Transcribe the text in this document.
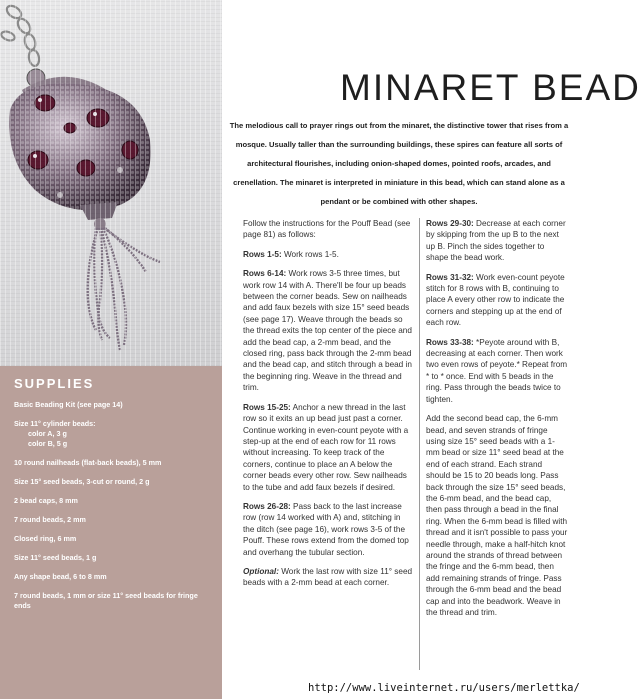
SUPPLIES
Basic Beading Kit (see page 14)
Size 11° cylinder beads:
color A, 3 g
color B, 5 g
10 round nailheads (flat-back beads), 5 mm
Size 15° seed beads, 3-cut or round, 2 g
2 bead caps, 8 mm
7 round beads, 2 mm
Closed ring, 6 mm
Size 11° seed beads, 1 g
Any shape bead, 6 to 8 mm
7 round beads, 1 mm or size 11° seed beads for fringe ends
MINARET BEAD
The melodious call to prayer rings out from the minaret, the distinctive tower that rises from a mosque. Usually taller than the surrounding buildings, these spires can feature all sorts of architectural flourishes, including onion-shaped domes, pointed roofs, arcades, and crenellation. The minaret is interpreted in miniature in this bead, which can stand alone as a pendant or be combined with other shapes.

Follow the instructions for the Pouff Bead (see page 81) as follows:

Rows 1-5: Work rows 1-5.

Rows 6-14: Work rows 3-5 three times, but work row 14 with A. There'll be four up beads between the corner beads. Sew on nailheads and add faux bezels with size 15° seed beads (see page 17). Weave through the beads so the thread exits the top center of the piece and add the bead cap, a 2-mm bead, and the closed ring, pass back through the 2-mm bead and the bead cap, and stitch through a bead in the beginning ring. Weave in the thread and trim.

Rows 15-25: Anchor a new thread in the last row so it exits an up bead just past a corner. Continue working in even-count peyote with a step-up at the end of each row for 11 rows without increasing. To keep track of the corners, continue to place an A below the corner beads every other row. Sew nailheads to the tube and add faux bezels if desired.

Rows 26-28: Pass back to the last increase row (row 14 worked with A) and, stitching in the ditch (see page 16), work rows 3-5 of the Pouff. These rows extend from the domed top and overhang the tubular section.

Optional: Work the last row with size 11° seed beads with a 2-mm bead at each corner.

Rows 29-30: Decrease at each corner by skipping from the up B to the next up B. Pinch the sides together to shape the bead work.

Rows 31-32: Work even-count peyote stitch for 8 rows with B, continuing to place A every other row to indicate the corners and stepping up at the end of each row.

Rows 33-38: *Peyote around with B, decreasing at each corner. Then work two even rows of peyote.* Repeat from * to * once. End with 5 beads in the ring. Pass through the beads twice to tighten.

Add the second bead cap, the 6-mm bead, and seven strands of fringe using size 15° seed beads with a 1-mm bead or size 11° seed bead at the end of each strand. Each strand should be 15 to 20 beads long. Pass back through the size 15° seed beads, the 6-mm bead, and the bead cap, then pass through a bead in the final ring. When the 6-mm bead is filled with thread and it isn't possible to pass your needle through, make a half-hitch knot around the strands of thread between the fringe and the 6-mm bead, then add remaining strands of fringe. Pass through the 6-mm bead and the bead cap and into the beadwork. Weave in the thread and trim.

http://www.liveinternet.ru/users/merlettka/
